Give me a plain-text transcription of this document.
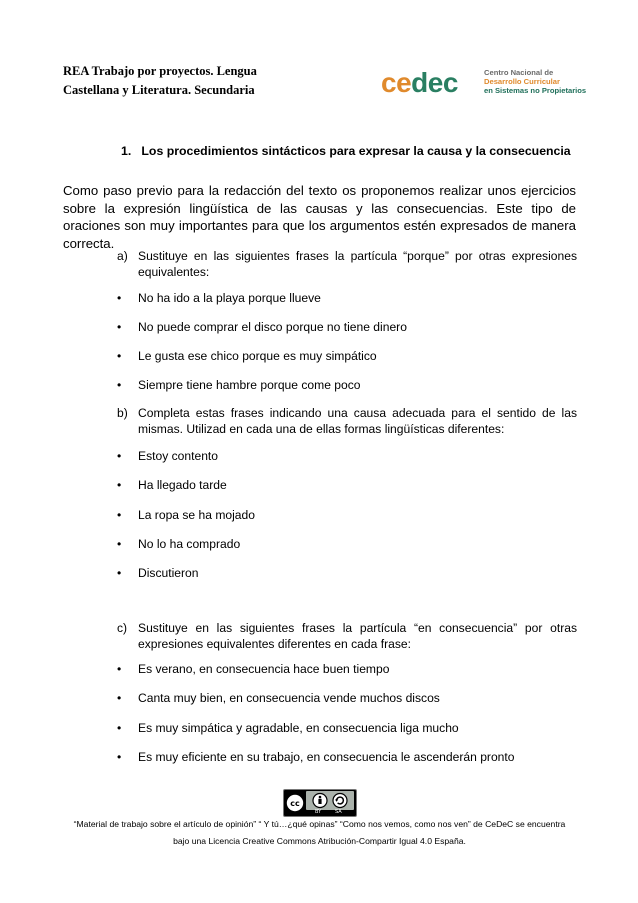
REA Trabajo por proyectos. Lengua
Castellana y Literatura. Secundaria	cedec	Centro Nacional de
Desarrollo Curricular
en Sistemas no Propietarios
1. Los procedimientos sintácticos para expresar la causa y la consecuencia
Como paso previo para la redacción del texto os proponemos realizar unos ejercicios sobre la expresión lingüística de las causas y las consecuencias. Este tipo de oraciones son muy importantes para que los argumentos estén expresados de manera correcta.
a) Sustituye en las siguientes frases la partícula “porque” por otras expresiones equivalentes:
• No ha ido a la playa porque llueve
• No puede comprar el disco porque no tiene dinero
• Le gusta ese chico porque es muy simpático
• Siempre tiene hambre porque come poco
b) Completa estas frases indicando una causa adecuada para el sentido de las mismas. Utilizad en cada una de ellas formas lingüísticas diferentes:
• Estoy contento
• Ha llegado tarde
• La ropa se ha mojado
• No lo ha comprado
• Discutieron
c) Sustituye en las siguientes frases la partícula “en consecuencia” por otras expresiones equivalentes diferentes en cada frase:
• Es verano, en consecuencia hace buen tiempo
• Canta muy bien, en consecuencia vende muchos discos
• Es muy simpática y agradable, en consecuencia liga mucho
• Es muy eficiente en su trabajo, en consecuencia le ascenderán pronto
cc
BY	SA
“Material de trabajo sobre el artículo de opinión” “ Y tú…¿qué opinas” “Como nos vemos, como nos ven” de CeDeC se encuentra
bajo una Licencia Creative Commons Atribución-Compartir Igual 4.0 España.
